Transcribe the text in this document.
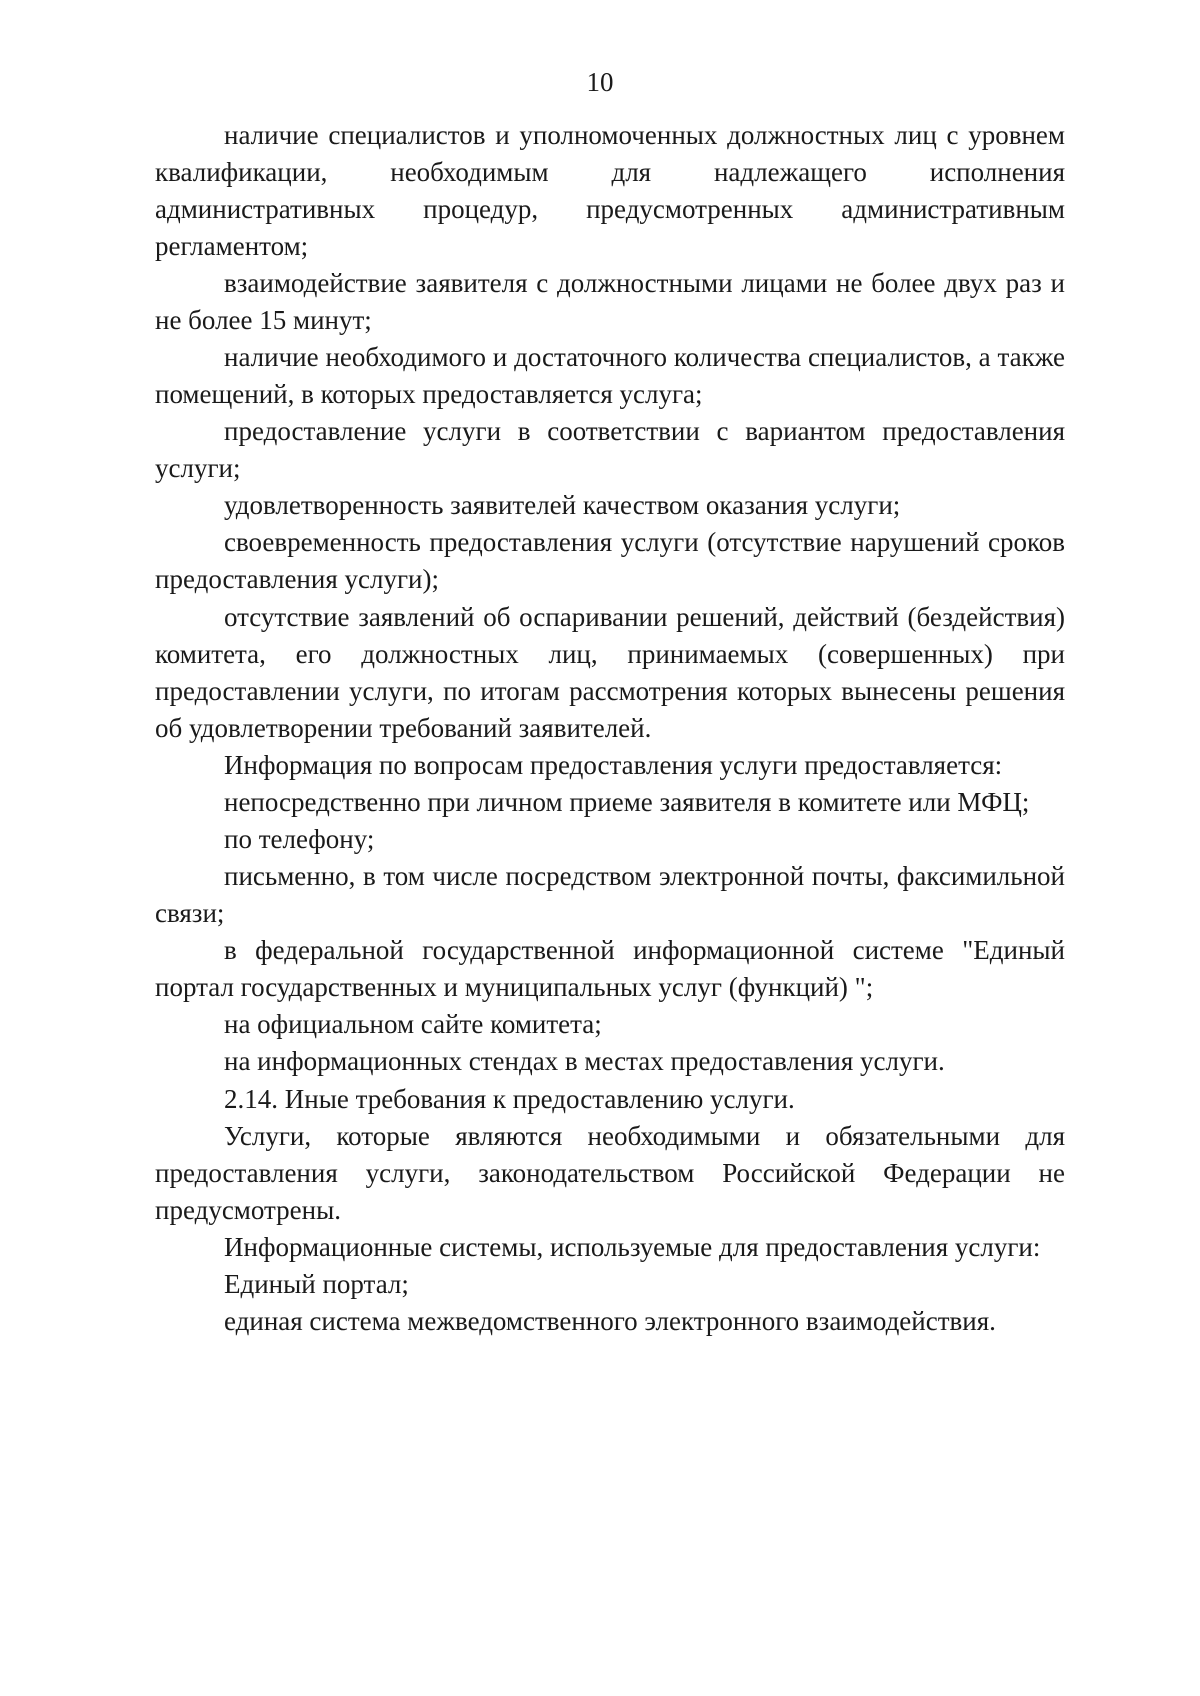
10

наличие специалистов и уполномоченных должностных лиц с уровнем квалификации, необходимым для надлежащего исполнения административных процедур, предусмотренных административным регламентом;

взаимодействие заявителя с должностными лицами не более двух раз и не более 15 минут;

наличие необходимого и достаточного количества специалистов, а также помещений, в которых предоставляется услуга;

предоставление услуги в соответствии с вариантом предоставления услуги;

удовлетворенность заявителей качеством оказания услуги;

своевременность предоставления услуги (отсутствие нарушений сроков предоставления услуги);

отсутствие заявлений об оспаривании решений, действий (бездействия) комитета, его должностных лиц, принимаемых (совершенных) при предоставлении услуги, по итогам рассмотрения которых вынесены решения об удовлетворении требований заявителей.

Информация по вопросам предоставления услуги предоставляется:

непосредственно при личном приеме заявителя в комитете или МФЦ;

по телефону;

письменно, в том числе посредством электронной почты, факсимильной связи;

в федеральной государственной информационной системе "Единый портал государственных и муниципальных услуг (функций) ";

на официальном сайте комитета;

на информационных стендах в местах предоставления услуги.

2.14. Иные требования к предоставлению услуги.

Услуги, которые являются необходимыми и обязательными для предоставления услуги, законодательством Российской Федерации не предусмотрены.

Информационные системы, используемые для предоставления услуги:

Единый портал;

единая система межведомственного электронного взаимодействия.
